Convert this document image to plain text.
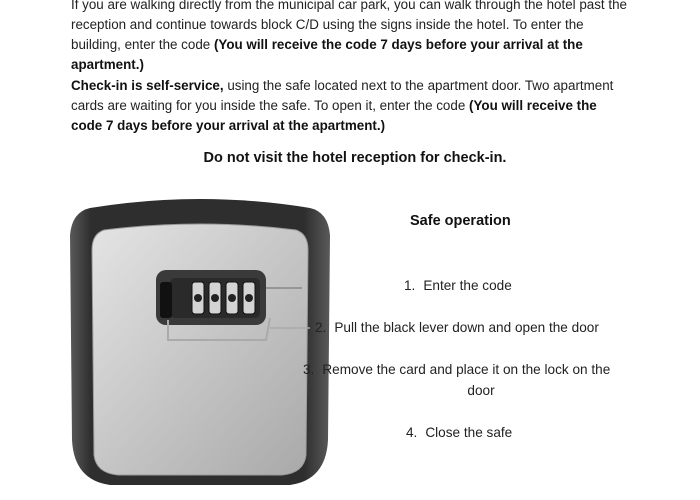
If you are walking directly from the municipal car park, you can walk through the hotel past the reception and continue towards block C/D using the signs inside the hotel. To enter the building, enter the code (You will receive the code 7 days before your arrival at the apartment.)

Check-in is self-service, using the safe located next to the apartment door. Two apartment cards are waiting for you inside the safe. To open it, enter the code (You will receive the code 7 days before your arrival at the apartment.)

Do not visit the hotel reception for check-in.

Safe operation

1. Enter the code

2. Pull the black lever down and open the door

3. Remove the card and place it on the lock on the
door

4. Close the safe
